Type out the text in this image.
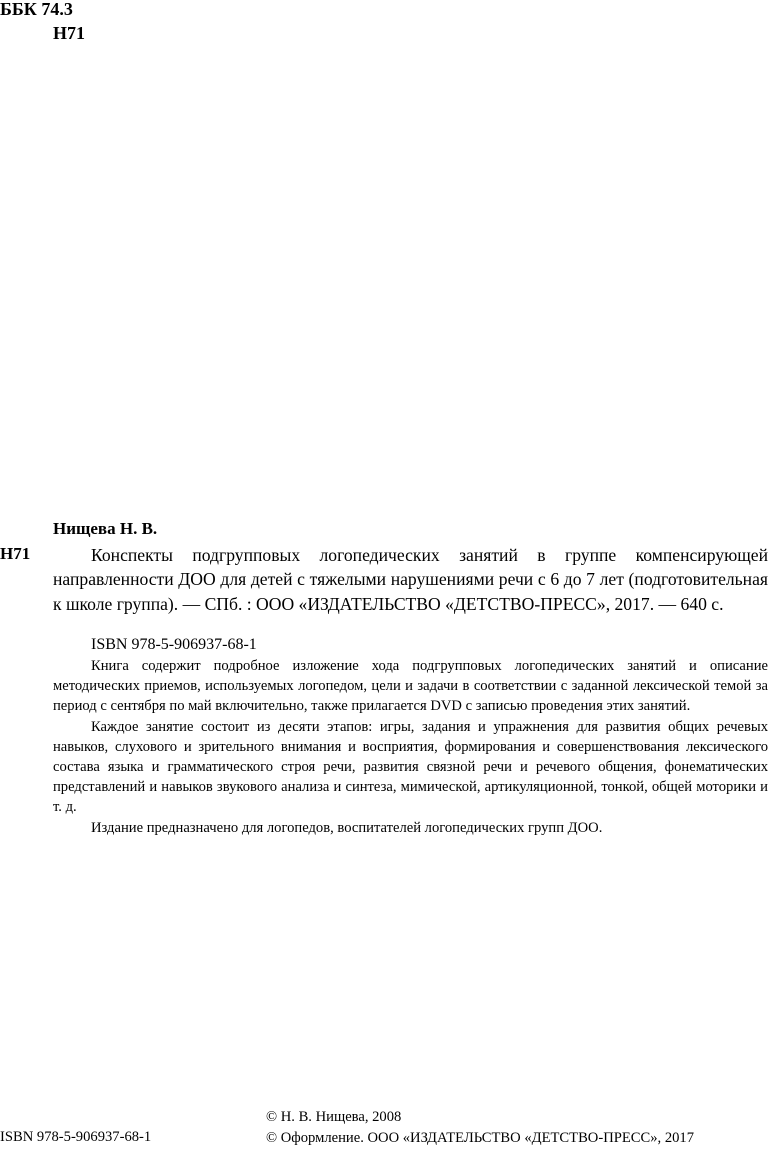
ББК 74.3
Н71
Нищева Н. В.
Н71	Конспекты подгрупповых логопедических занятий в группе компенсирующей направленности ДОО для детей с тяжелыми нарушениями речи с 6 до 7 лет (подготовительная к школе группа). — СПб. : ООО «ИЗДАТЕЛЬСТВО «ДЕТСТВО-ПРЕСС», 2017. — 640 с.

ISBN 978-5-906937-68-1

Книга содержит подробное изложение хода подгрупповых логопедических занятий и описание методических приемов, используемых логопедом, цели и задачи в соответствии с заданной лексической темой за период с сентября по май включительно, также прилагается DVD с записью проведения этих занятий.

Каждое занятие состоит из десяти этапов: игры, задания и упражнения для развития общих речевых навыков, слухового и зрительного внимания и восприятия, формирования и совершенствования лексического состава языка и грамматического строя речи, развития связной речи и речевого общения, фонематических представлений и навыков звукового анализа и синтеза, мимической, артикуляционной, тонкой, общей моторики и т. д.

Издание предназначено для логопедов, воспитателей логопедических групп ДОО.

ISBN 978-5-906937-68-1
© Н. В. Нищева, 2008
© Оформление. ООО «ИЗДАТЕЛЬСТВО «ДЕТСТВО-ПРЕСС», 2017
